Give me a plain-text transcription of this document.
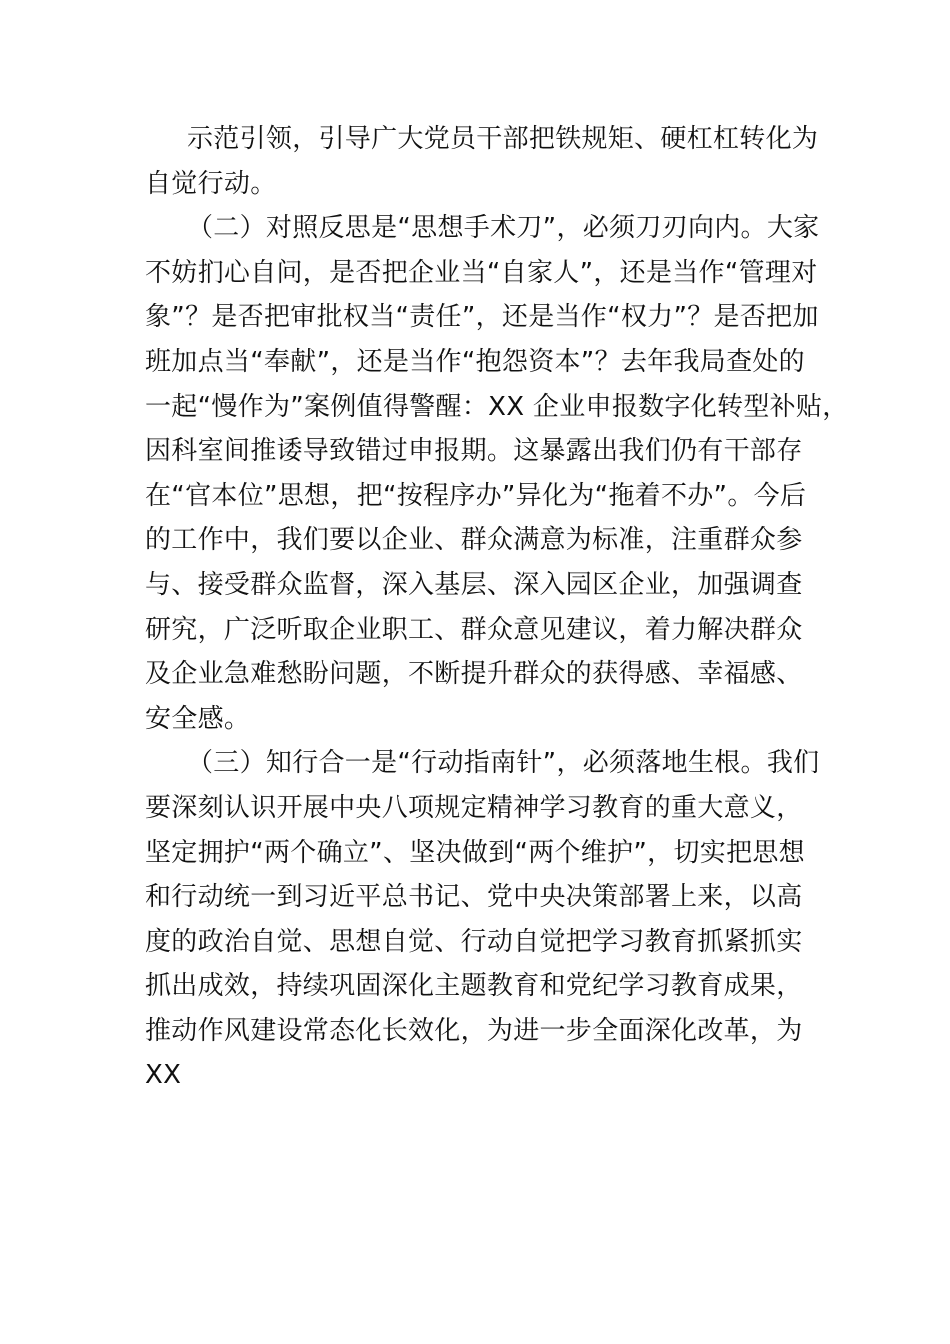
示范引领，引导广大党员干部把铁规矩、硬杠杠转化为
自觉行动。
（二）对照反思是“思想手术刀”，必须刀刃向内。大家
不妨扪心自问，是否把企业当“自家人”，还是当作“管理对
象”？是否把审批权当“责任”，还是当作“权力”？是否把加
班加点当“奉献”，还是当作“抱怨资本”？去年我局查处的
一起“慢作为”案例值得警醒：XX 企业申报数字化转型补贴，
因科室间推诿导致错过申报期。这暴露出我们仍有干部存
在“官本位”思想，把“按程序办”异化为“拖着不办”。今后
的工作中，我们要以企业、群众满意为标准，注重群众参
与、接受群众监督，深入基层、深入园区企业，加强调查
研究，广泛听取企业职工、群众意见建议，着力解决群众
及企业急难愁盼问题，不断提升群众的获得感、幸福感、
安全感。
（三）知行合一是“行动指南针”，必须落地生根。我们
要深刻认识开展中央八项规定精神学习教育的重大意义，
坚定拥护“两个确立”、坚决做到“两个维护”，切实把思想
和行动统一到习近平总书记、党中央决策部署上来，以高
度的政治自觉、思想自觉、行动自觉把学习教育抓紧抓实
抓出成效，持续巩固深化主题教育和党纪学习教育成果，
推动作风建设常态化长效化，为进一步全面深化改革，为
XX
